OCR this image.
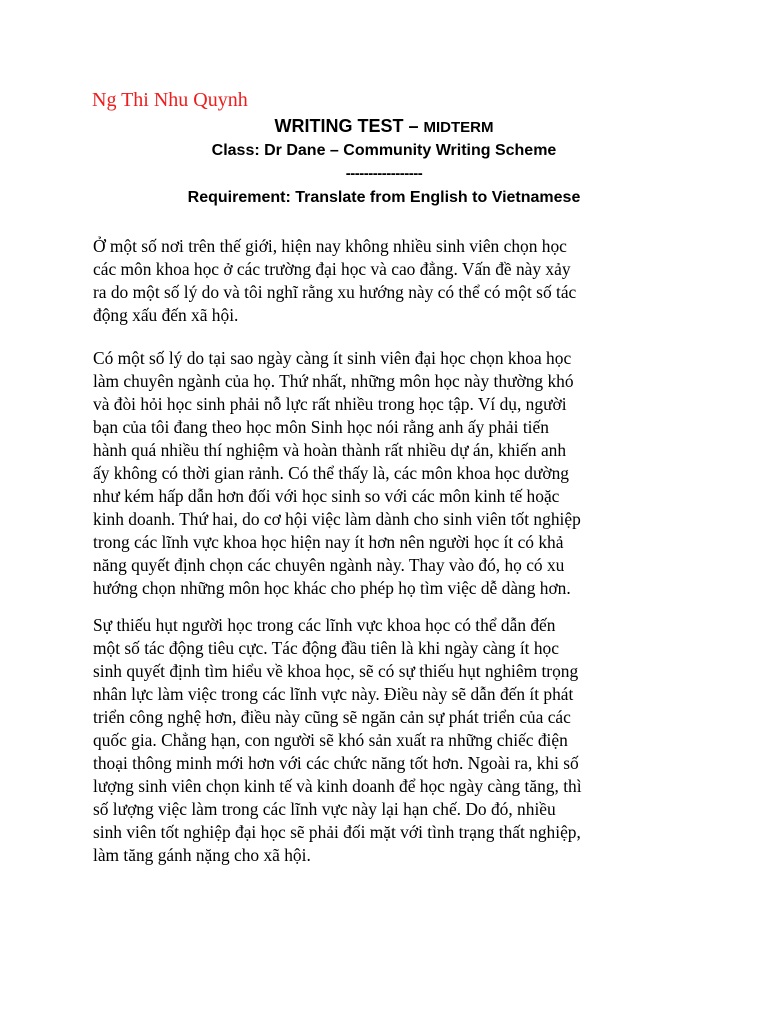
Ng Thi Nhu Quynh
WRITING TEST – MIDTERM
Class: Dr Dane – Community Writing Scheme
-----------------
Requirement: Translate from English to Vietnamese
Ở một số nơi trên thế giới, hiện nay không nhiều sinh viên chọn học
các môn khoa học ở các trường đại học và cao đẳng. Vấn đề này xảy
ra do một số lý do và tôi nghĩ rằng xu hướng này có thể có một số tác
động xấu đến xã hội.
Có một số lý do tại sao ngày càng ít sinh viên đại học chọn khoa học
làm chuyên ngành của họ. Thứ nhất, những môn học này thường khó
và đòi hỏi học sinh phải nỗ lực rất nhiều trong học tập. Ví dụ, người
bạn của tôi đang theo học môn Sinh học nói rằng anh ấy phải tiến
hành quá nhiều thí nghiệm và hoàn thành rất nhiều dự án, khiến anh
ấy không có thời gian rảnh. Có thể thấy là, các môn khoa học dường
như kém hấp dẫn hơn đối với học sinh so với các môn kinh tế hoặc
kinh doanh. Thứ hai, do cơ hội việc làm dành cho sinh viên tốt nghiệp
trong các lĩnh vực khoa học hiện nay ít hơn nên người học ít có khả
năng quyết định chọn các chuyên ngành này. Thay vào đó, họ có xu
hướng chọn những môn học khác cho phép họ tìm việc dễ dàng hơn.
Sự thiếu hụt người học trong các lĩnh vực khoa học có thể dẫn đến
một số tác động tiêu cực. Tác động đầu tiên là khi ngày càng ít học
sinh quyết định tìm hiểu về khoa học, sẽ có sự thiếu hụt nghiêm trọng
nhân lực làm việc trong các lĩnh vực này. Điều này sẽ dẫn đến ít phát
triển công nghệ hơn, điều này cũng sẽ ngăn cản sự phát triển của các
quốc gia. Chẳng hạn, con người sẽ khó sản xuất ra những chiếc điện
thoại thông minh mới hơn với các chức năng tốt hơn. Ngoài ra, khi số
lượng sinh viên chọn kinh tế và kinh doanh để học ngày càng tăng, thì
số lượng việc làm trong các lĩnh vực này lại hạn chế. Do đó, nhiều
sinh viên tốt nghiệp đại học sẽ phải đối mặt với tình trạng thất nghiệp,
làm tăng gánh nặng cho xã hội.
